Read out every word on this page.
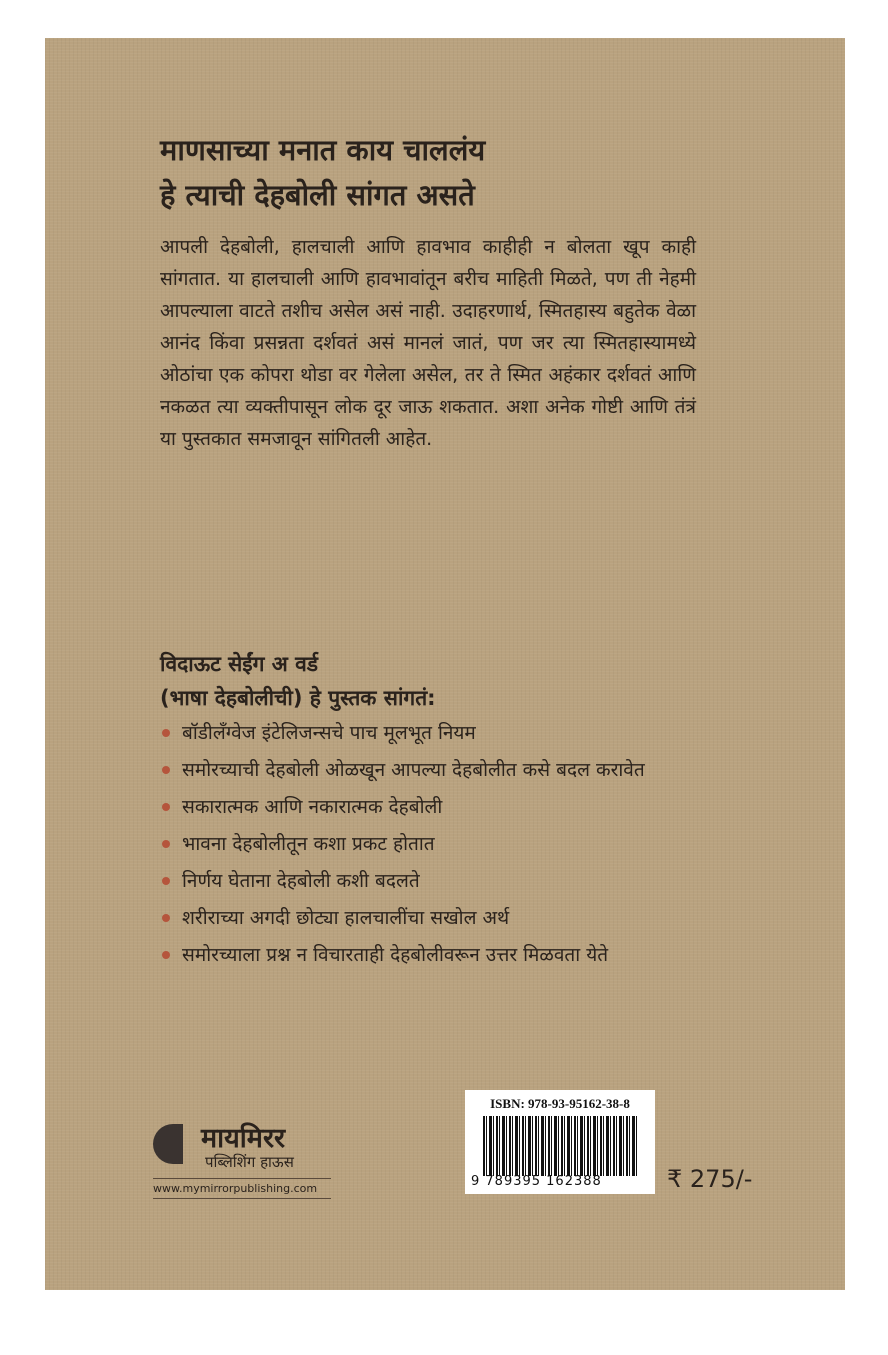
माणसाच्या मनात काय चाललंय
हे त्याची देहबोली सांगत असते
आपली देहबोली, हालचाली आणि हावभाव काहीही न बोलता खूप काही सांगतात. या हालचाली आणि हावभावांतून बरीच माहिती मिळते, पण ती नेहमी आपल्याला वाटते तशीच असेल असं नाही. उदाहरणार्थ, स्मितहास्य बहुतेक वेळा आनंद किंवा प्रसन्नता दर्शवतं असं मानलं जातं, पण जर त्या स्मितहास्यामध्ये ओठांचा एक कोपरा थोडा वर गेलेला असेल, तर ते स्मित अहंकार दर्शवतं आणि नकळत त्या व्यक्तीपासून लोक दूर जाऊ शकतात. अशा अनेक गोष्टी आणि तंत्रं या पुस्तकात समजावून सांगितली आहेत.
विदाऊट सेईंग अ वर्ड
(भाषा देहबोलीची) हे पुस्तक सांगतं:
बॉडीलँग्वेज इंटेलिजन्सचे पाच मूलभूत नियम
समोरच्याची देहबोली ओळखून आपल्या देहबोलीत कसे बदल करावेत
सकारात्मक आणि नकारात्मक देहबोली
भावना देहबोलीतून कशा प्रकट होतात
निर्णय घेताना देहबोली कशी बदलते
शरीराच्या अगदी छोट्या हालचालींचा सखोल अर्थ
समोरच्याला प्रश्न न विचारताही देहबोलीवरून उत्तर मिळवता येते
मायमिरर
पब्लिशिंग हाऊस
www.mymirrorpublishing.com
ISBN: 978-93-95162-38-8
9 789395 162388	₹ 275/-
